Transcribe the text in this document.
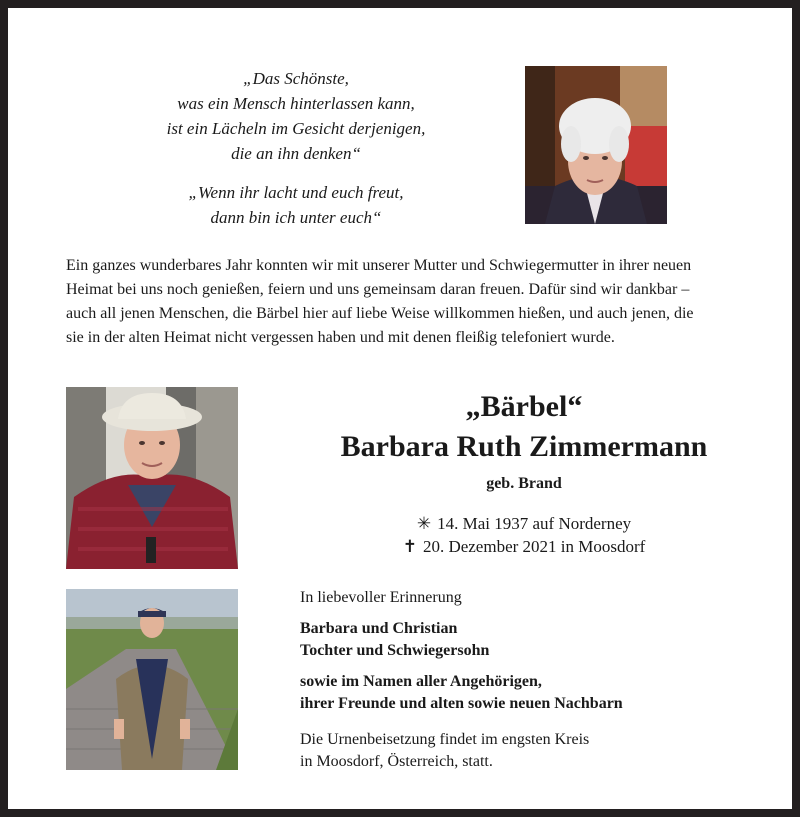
„Das Schönste,
was ein Mensch hinterlassen kann,
ist ein Lächeln im Gesicht derjenigen,
die an ihn denken“
„Wenn ihr lacht und euch freut,
dann bin ich unter euch“
Ein ganzes wunderbares Jahr konnten wir mit unserer Mutter und Schwiegermutter in ihrer neuen
Heimat bei uns noch genießen, feiern und uns gemeinsam daran freuen. Dafür sind wir dankbar –
auch all jenen Menschen, die Bärbel hier auf liebe Weise willkommen hießen, und auch jenen, die
sie in der alten Heimat nicht vergessen haben und mit denen fleißig telefoniert wurde.
„Bärbel“
Barbara Ruth Zimmermann
geb. Brand
✳ 14. Mai 1937 auf Norderney
✝ 20. Dezember 2021 in Moosdorf
In liebevoller Erinnerung
Barbara und Christian
Tochter und Schwiegersohn
sowie im Namen aller Angehörigen,
ihrer Freunde und alten sowie neuen Nachbarn
Die Urnenbeisetzung findet im engsten Kreis
in Moosdorf, Österreich, statt.
